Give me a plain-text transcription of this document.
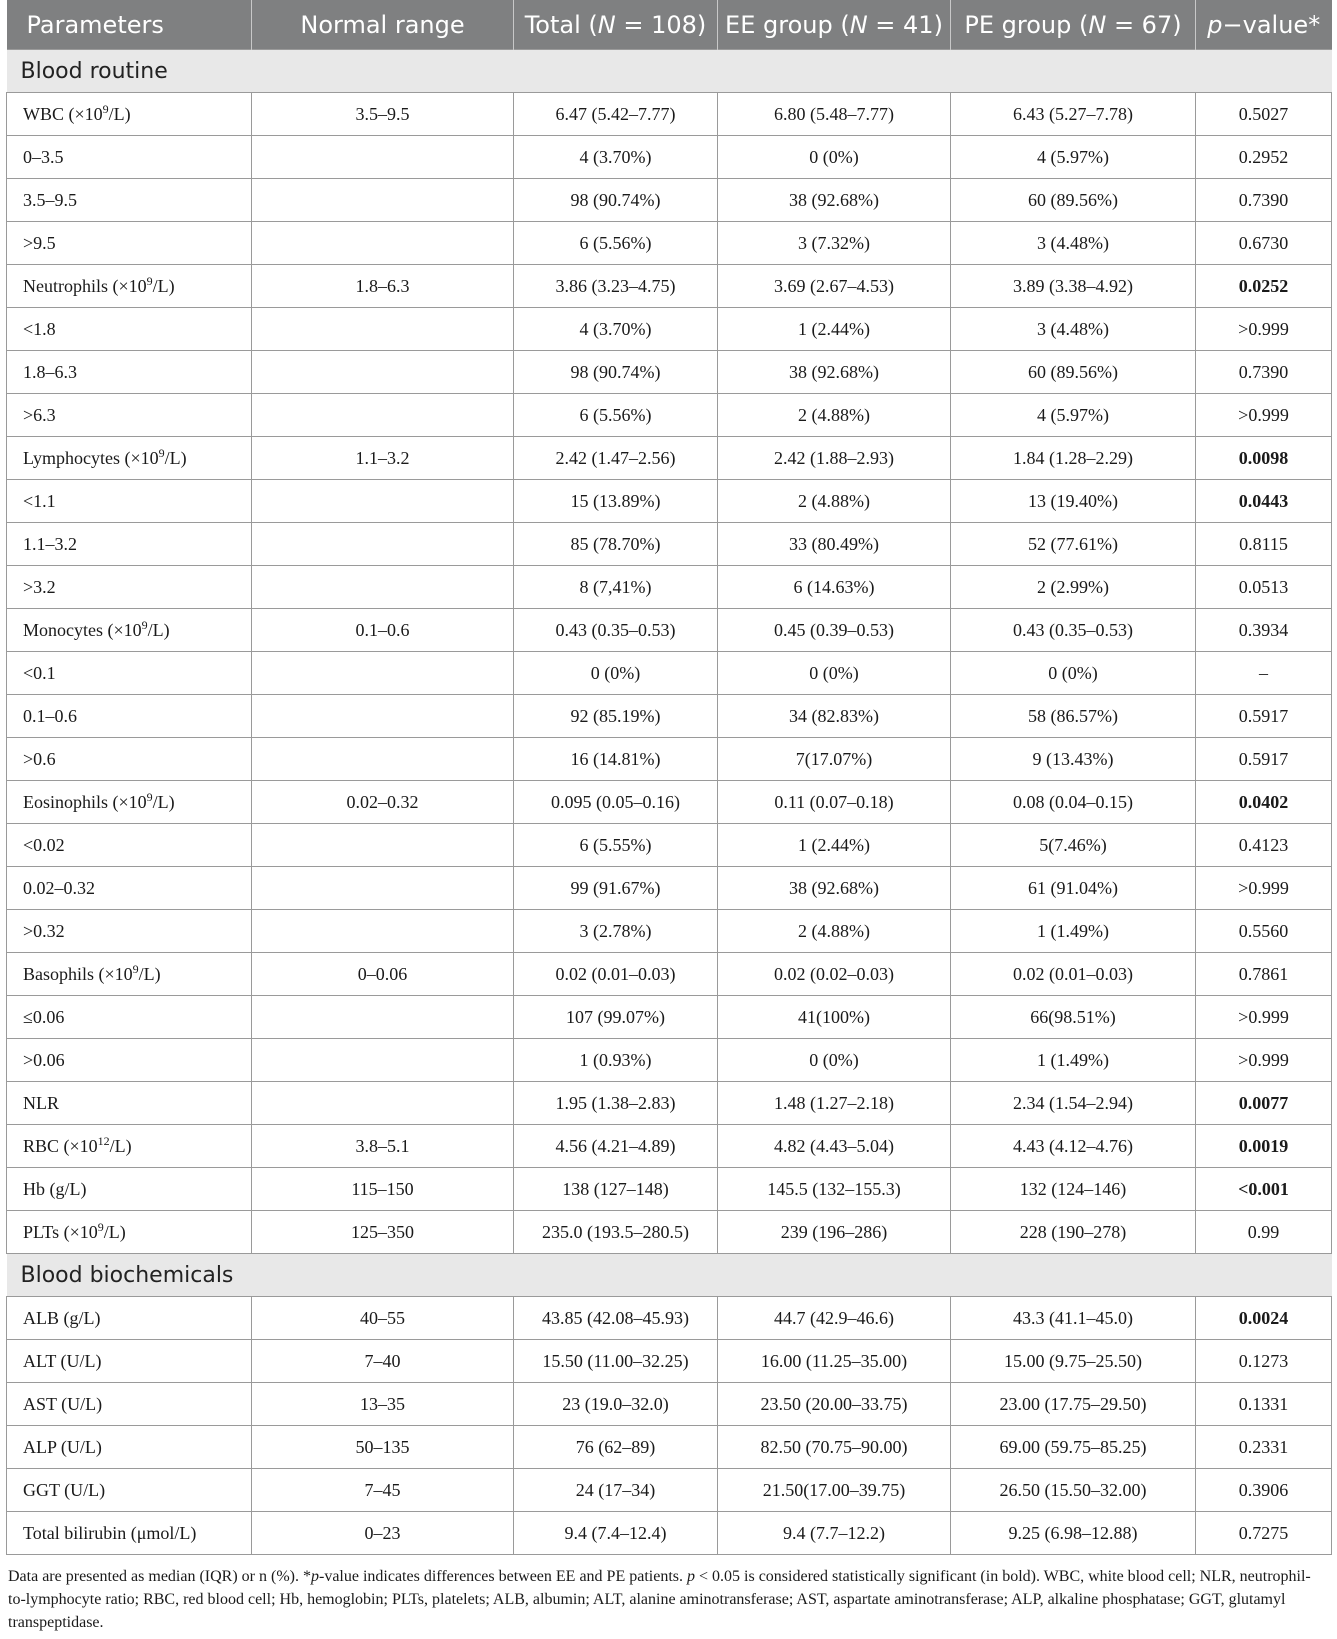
Parameters	Normal range	Total (N = 108)	EE group (N = 41)	PE group (N = 67)	p−value*
Blood routine					
WBC $(\times 10^9/L)$	3.5–9.5	6.47 (5.42–7.77)	6.80 (5.48–7.77)	6.43 (5.27–7.78)	0.5027
0–3.5		4 (3.70%)	0 (0%)	4 (5.97%)	0.2952
3.5–9.5		98 (90.74%)	38 (92.68%)	60 (89.56%)	0.7390
>9.5		6 (5.56%)	3 (7.32%)	3 (4.48%)	0.6730
Neutrophils $(\times 10^9/L)$	1.8–6.3	3.86 (3.23–4.75)	3.69 (2.67–4.53)	3.89 (3.38–4.92)	0.0252
<1.8		4 (3.70%)	1 (2.44%)	3 (4.48%)	>0.999
1.8–6.3		98 (90.74%)	38 (92.68%)	60 (89.56%)	0.7390
>6.3		6 (5.56%)	2 (4.88%)	4 (5.97%)	>0.999
Lymphocytes $(\times 10^9/L)$	1.1–3.2	2.42 (1.47–2.56)	2.42 (1.88–2.93)	1.84 (1.28–2.29)	0.0098
<1.1		15 (13.89%)	2 (4.88%)	13 (19.40%)	0.0443
1.1–3.2		85 (78.70%)	33 (80.49%)	52 (77.61%)	0.8115
>3.2		8 (7,41%)	6 (14.63%)	2 (2.99%)	0.0513
Monocytes $(\times 10^9/L)$	0.1–0.6	0.43 (0.35–0.53)	0.45 (0.39–0.53)	0.43 (0.35–0.53)	0.3934
<0.1		0 (0%)	0 (0%)	0 (0%)	–
0.1–0.6		92 (85.19%)	34 (82.83%)	58 (86.57%)	0.5917
>0.6		16 (14.81%)	7(17.07%)	9 (13.43%)	0.5917
Eosinophils $(\times 10^9/L)$	0.02–0.32	0.095 (0.05–0.16)	0.11 (0.07–0.18)	0.08 (0.04–0.15)	0.0402
<0.02		6 (5.55%)	1 (2.44%)	5(7.46%)	0.4123
0.02–0.32		99 (91.67%)	38 (92.68%)	61 (91.04%)	>0.999
>0.32		3 (2.78%)	2 (4.88%)	1 (1.49%)	0.5560
Basophils $(\times 10^9/L)$	0–0.06	0.02 (0.01–0.03)	0.02 (0.02–0.03)	0.02 (0.01–0.03)	0.7861
≤0.06		107 (99.07%)	41(100%)	66(98.51%)	>0.999
>0.06		1 (0.93%)	0 (0%)	1 (1.49%)	>0.999
NLR		1.95 (1.38–2.83)	1.48 (1.27–2.18)	2.34 (1.54–2.94)	0.0077
RBC $(\times 10^{12}/L)$	3.8–5.1	4.56 (4.21–4.89)	4.82 (4.43–5.04)	4.43 (4.12–4.76)	0.0019
Hb (g/L)	115–150	138 (127–148)	145.5 (132–155.3)	132 (124–146)	<0.001
PLTs $(\times 10^9/L)$	125–350	235.0 (193.5–280.5)	239 (196–286)	228 (190–278)	0.99
Blood biochemicals					
ALB (g/L)	40–55	43.85 (42.08–45.93)	44.7 (42.9–46.6)	43.3 (41.1–45.0)	0.0024
ALT (U/L)	7–40	15.50 (11.00–32.25)	16.00 (11.25–35.00)	15.00 (9.75–25.50)	0.1273
AST (U/L)	13–35	23 (19.0–32.0)	23.50 (20.00–33.75)	23.00 (17.75–29.50)	0.1331
ALP (U/L)	50–135	76 (62–89)	82.50 (70.75–90.00)	69.00 (59.75–85.25)	0.2331
GGT (U/L)	7–45	24 (17–34)	21.50(17.00–39.75)	26.50 (15.50–32.00)	0.3906
Total bilirubin (μmol/L)	0–23	9.4 (7.4–12.4)	9.4 (7.7–12.2)	9.25 (6.98–12.88)	0.7275
Data are presented as median (IQR) or n (%). *p-value indicates differences between EE and PE patients. p < 0.05 is considered statistically significant (in bold). WBC, white blood cell; NLR, neutrophil-to-lymphocyte ratio; RBC, red blood cell; Hb, hemoglobin; PLTs, platelets; ALB, albumin; ALT, alanine aminotransferase; AST, aspartate aminotransferase; ALP, alkaline phosphatase; GGT, glutamyl transpeptidase.
